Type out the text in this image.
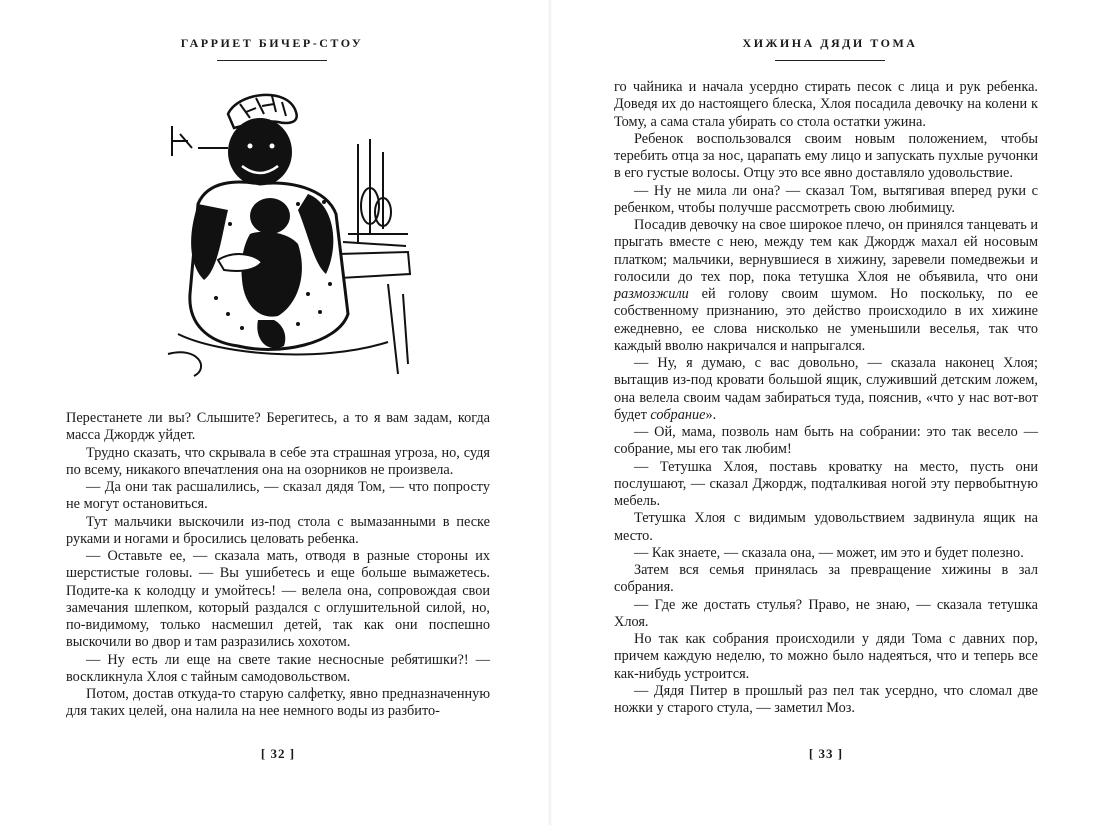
ГАРРИЕТ БИЧЕР-СТОУ

Перестанете ли вы? Слышите? Берегитесь, а то я вам задам, когда масса Джордж уйдет.

Трудно сказать, что скрывала в себе эта страшная угроза, но, судя по всему, никакого впечатления она на озорников не произвела.

— Да они так расшалились, — сказал дядя Том, — что попросту не могут остановиться.

Тут мальчики выскочили из-под стола с вымазанными в песке руками и ногами и бросились целовать ребенка.

— Оставьте ее, — сказала мать, отводя в разные стороны их шерстистые головы. — Вы ушибетесь и еще больше вымажетесь. Подите-ка к колодцу и умойтесь! — велела она, сопровождая свои замечания шлепком, который раздался с оглушительной силой, но, по-видимому, только насмешил детей, так как они поспешно выскочили во двор и там разразились хохотом.

— Ну есть ли еще на свете такие несносные ребятишки?! — воскликнула Хлоя с тайным самодовольством.

Потом, достав откуда-то старую салфетку, явно предназначенную для таких целей, она налила на нее немного воды из разбито-

[ 32 ]
ХИЖИНА ДЯДИ ТОМА

го чайника и начала усердно стирать песок с лица и рук ребенка. Доведя их до настоящего блеска, Хлоя посадила девочку на колени к Тому, а сама стала убирать со стола остатки ужина.

Ребенок воспользовался своим новым положением, чтобы теребить отца за нос, царапать ему лицо и запускать пухлые ручонки в его густые волосы. Отцу это все явно доставляло удовольствие.

— Ну не мила ли она? — сказал Том, вытягивая вперед руки с ребенком, чтобы получше рассмотреть свою любимицу.

Посадив девочку на свое широкое плечо, он принялся танцевать и прыгать вместе с нею, между тем как Джордж махал ей носовым платком; мальчики, вернувшиеся в хижину, заревели помедвежьи и голосили до тех пор, пока тетушка Хлоя не объявила, что они размозжили ей голову своим шумом. Но поскольку, по ее собственному признанию, это действо происходило в их хижине ежедневно, ее слова нисколько не уменьшили веселья, так что каждый вволю накричался и напрыгался.

— Ну, я думаю, с вас довольно, — сказала наконец Хлоя; вытащив из-под кровати большой ящик, служивший детским ложем, она велела своим чадам забираться туда, пояснив, «что у нас вот-вот будет собрание».

— Ой, мама, позволь нам быть на собрании: это так весело — собрание, мы его так любим!

— Тетушка Хлоя, поставь кроватку на место, пусть они послушают, — сказал Джордж, подталкивая ногой эту первобытную мебель.

Тетушка Хлоя с видимым удовольствием задвинула ящик на место.

— Как знаете, — сказала она, — может, им это и будет полезно.

Затем вся семья принялась за превращение хижины в зал собрания.

— Где же достать стулья? Право, не знаю, — сказала тетушка Хлоя.

Но так как собрания происходили у дяди Тома с давних пор, причем каждую неделю, то можно было надеяться, что и теперь все как-нибудь устроится.

— Дядя Питер в прошлый раз пел так усердно, что сломал две ножки у старого стула, — заметил Моз.

[ 33 ]
